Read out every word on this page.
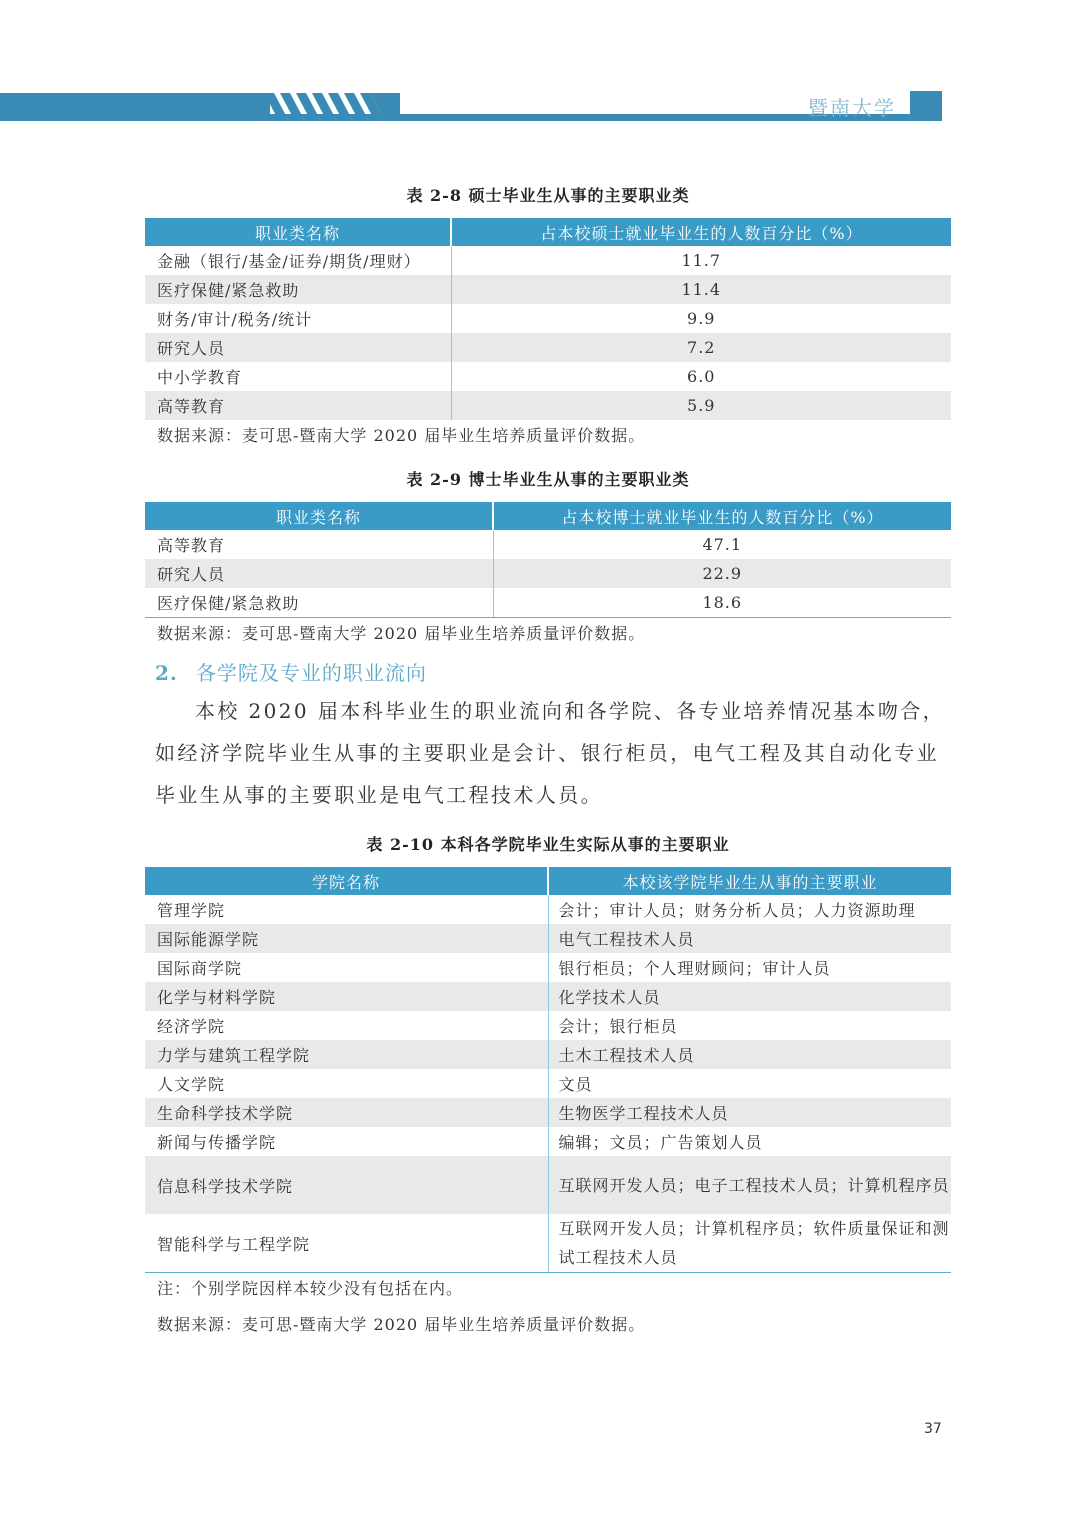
暨南大学
表 2-8 硕士毕业生从事的主要职业类
职业类名称	占本校硕士就业毕业生的人数百分比（%）
金融（银行/基金/证券/期货/理财）	11.7
医疗保健/紧急救助	11.4
财务/审计/税务/统计	9.9
研究人员	7.2
中小学教育	6.0
高等教育	5.9
数据来源：麦可思-暨南大学 2020 届毕业生培养质量评价数据。
表 2-9 博士毕业生从事的主要职业类
职业类名称	占本校博士就业毕业生的人数百分比（%）
高等教育	47.1
研究人员	22.9
医疗保健/紧急救助	18.6
数据来源：麦可思-暨南大学 2020 届毕业生培养质量评价数据。
2. 各学院及专业的职业流向
本校 2020 届本科毕业生的职业流向和各学院、各专业培养情况基本吻合，如经济学院毕业生从事的主要职业是会计、银行柜员，电气工程及其自动化专业毕业生从事的主要职业是电气工程技术人员。
表 2-10 本科各学院毕业生实际从事的主要职业
学院名称	本校该学院毕业生从事的主要职业
管理学院	会计；审计人员；财务分析人员；人力资源助理
国际能源学院	电气工程技术人员
国际商学院	银行柜员；个人理财顾问；审计人员
化学与材料学院	化学技术人员
经济学院	会计；银行柜员
力学与建筑工程学院	土木工程技术人员
人文学院	文员
生命科学技术学院	生物医学工程技术人员
新闻与传播学院	编辑；文员；广告策划人员
信息科学技术学院	互联网开发人员；电子工程技术人员；计算机程序员
智能科学与工程学院	互联网开发人员；计算机程序员；软件质量保证和测试工程技术人员
注：个别学院因样本较少没有包括在内。
数据来源：麦可思-暨南大学 2020 届毕业生培养质量评价数据。
37
